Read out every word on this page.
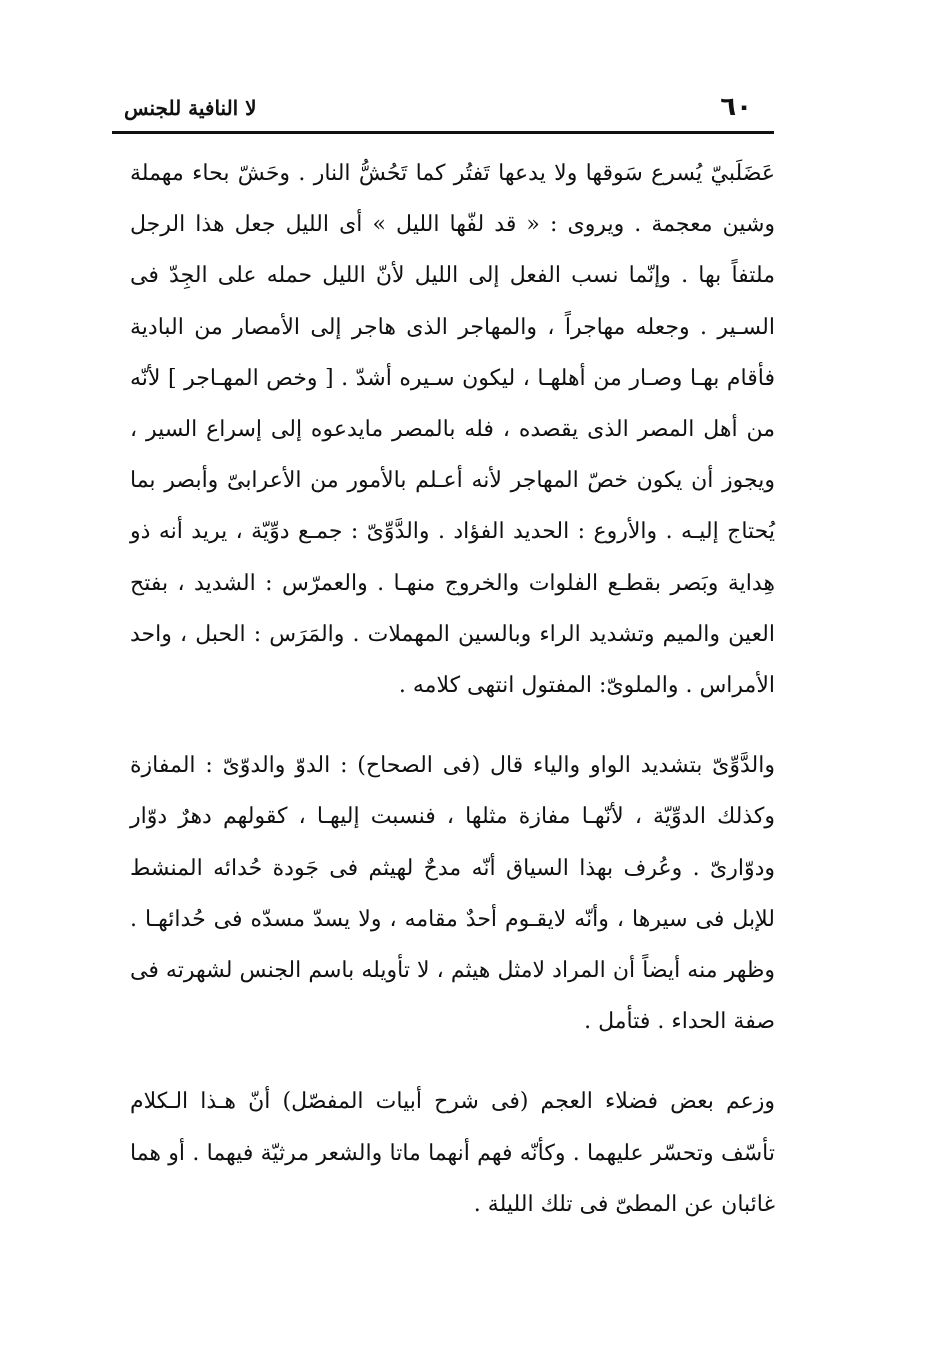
٦٠
لا النافية للجنس

عَضَلَبيّ يُسرع سَوقها ولا يدعها تَفتُر كما تَحُشُّ النار . وحَشّ بحاء مهملة وشين معجمة . ويروى : « قد لفّها الليل » أى الليل جعل هذا الرجل ملتفاً بها . وإنّما نسب الفعل إلى الليل لأنّ الليل حمله على الجِدّ فى السـير . وجعله مهاجراً ، والمهاجر الذى هاجر إلى الأمصار من البادية فأقام بهـا وصـار من أهلهـا ، ليكون سـيره أشدّ . [ وخص المهـاجر ] لأنّه من أهل المصر الذى يقصده ، فله بالمصر مايدعوه إلى إسراع السير ، ويجوز أن يكون خصّ المهاجر لأنه أعـلم بالأمور من الأعرابىّ وأبصر بما يُحتاج إليـه . والأروع : الحديد الفؤاد . والدَّوِّىّ : جمـع دوِّيّة ، يريد أنه ذو هِداية وبَصر بقطـع الفلوات والخروج منهـا . والعمرّس : الشديد ، بفتح العين والميم وتشديد الراء وبالسين المهملات . والمَرَس : الحبل ، واحد الأمراس . والملوىّ: المفتول انتهى كلامه .

والدَّوِّىّ بتشديد الواو والياء قال (فى الصحاح) : الدوّ والدوّىّ : المفازة وكذلك الدوِّيّة ، لأنّهـا مفازة مثلها ، فنسبت إليهـا ، كقولهم دهرٌ دوّار ودوّارىّ . وعُرف بهذا السياق أنّه مدحٌ لهيثم فى جَودة حُدائه المنشط للإبل فى سيرها ، وأنّه لايقـوم أحدٌ مقامه ، ولا يسدّ مسدّه فى حُدائهـا . وظهر منه أيضاً أن المراد لامثل هيثم ، لا تأويله باسم الجنس لشهرته فى صفة الحداء . فتأمل .

وزعم بعض فضلاء العجم (فى شرح أبيات المفصّل) أنّ هـذا الـكلام تأسّف وتحسّر عليهما . وكأنّه فهم أنهما ماتا والشعر مرثيّة فيهما . أو هما غائبان عن المطىّ فى تلك الليلة .
